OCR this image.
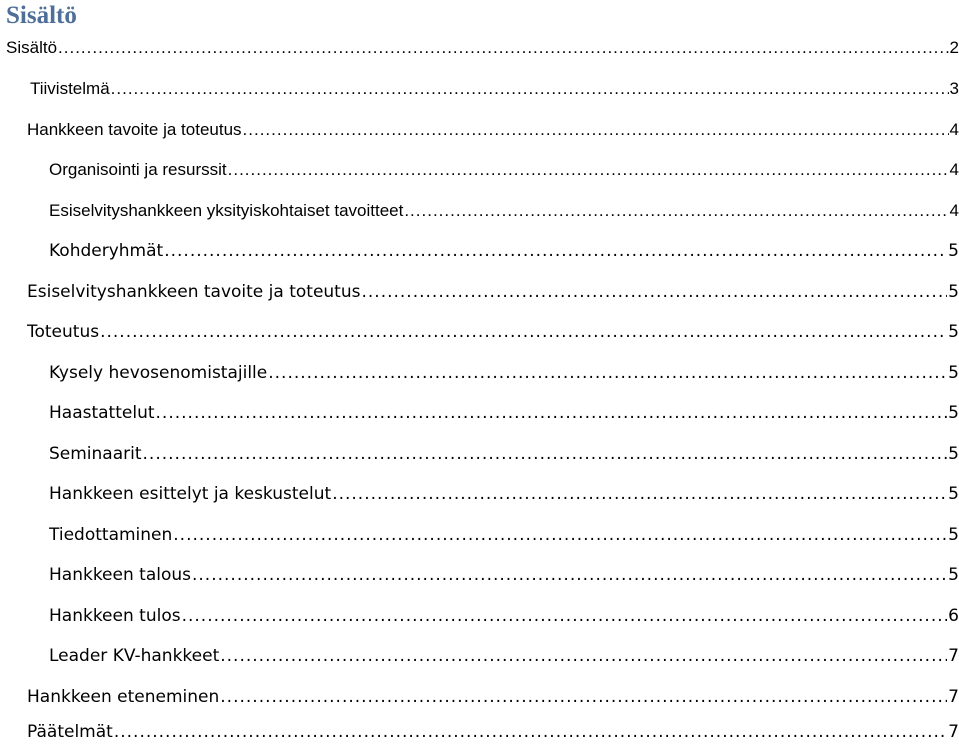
Sisältö
Sisältö .....	2
Tiivistelmä .....	3
Hankkeen tavoite ja toteutus .....	4
Organisointi ja resurssit .....	4
Esiselvityshankkeen yksityiskohtaiset tavoitteet .....	4
Kohderyhmät .....	5
Esiselvityshankkeen tavoite ja toteutus .....	5
Toteutus .....	5
Kysely hevosenomistajille .....	5
Haastattelut .....	5
Seminaarit .....	5
Hankkeen esittelyt ja keskustelut .....	5
Tiedottaminen .....	5
Hankkeen talous .....	5
Hankkeen tulos .....	6
Leader KV-hankkeet .....	7
Hankkeen eteneminen .....	7
Päätelmät .....	7
